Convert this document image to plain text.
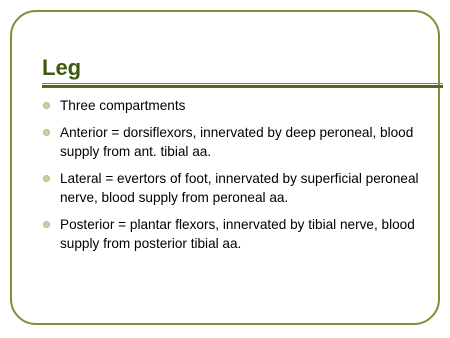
Leg
Three compartments
Anterior = dorsiflexors, innervated by deep peroneal, blood supply from ant. tibial aa.
Lateral = evertors of foot, innervated by superficial peroneal nerve, blood supply from peroneal aa.
Posterior = plantar flexors, innervated by tibial nerve, blood supply from posterior tibial aa.
